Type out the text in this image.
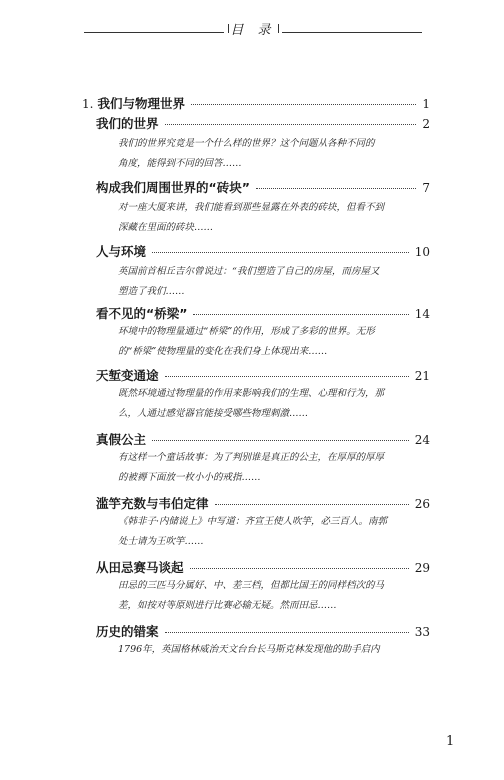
目 录
1. 我们与物理世界	1
我们的世界	2
我们的世界究竟是一个什么样的世界？这个问题从各种不同的
角度，能得到不同的回答……
构成我们周围世界的“砖块”	7
对一座大厦来讲，我们能看到那些显露在外表的砖块，但看不到
深藏在里面的砖块……
人与环境	10
英国前首相丘吉尔曾说过：“我们塑造了自己的房屋，而房屋又
塑造了我们……
看不见的“桥梁”	14
环境中的物理量通过“桥梁”的作用，形成了多彩的世界。无形
的“桥梁”使物理量的变化在我们身上体现出来……
天堑变通途	21
既然环境通过物理量的作用来影响我们的生理、心理和行为，那
么，人通过感觉器官能接受哪些物理刺激……
真假公主	24
有这样一个童话故事：为了判别谁是真正的公主，在厚厚的厚厚
的被褥下面放一枚小小的戒指……
滥竽充数与韦伯定律	26
《韩非子·内储说上》中写道：齐宣王使人吹竽，必三百人。南郭
处士请为王吹竽……
从田忌赛马谈起	29
田忌的三匹马分属好、中、差三档，但都比国王的同样档次的马
差，如按对等原则进行比赛必输无疑。然而田忌……
历史的错案	33
1796年，英国格林威治天文台台长马斯克林发现他的助手启内
1
